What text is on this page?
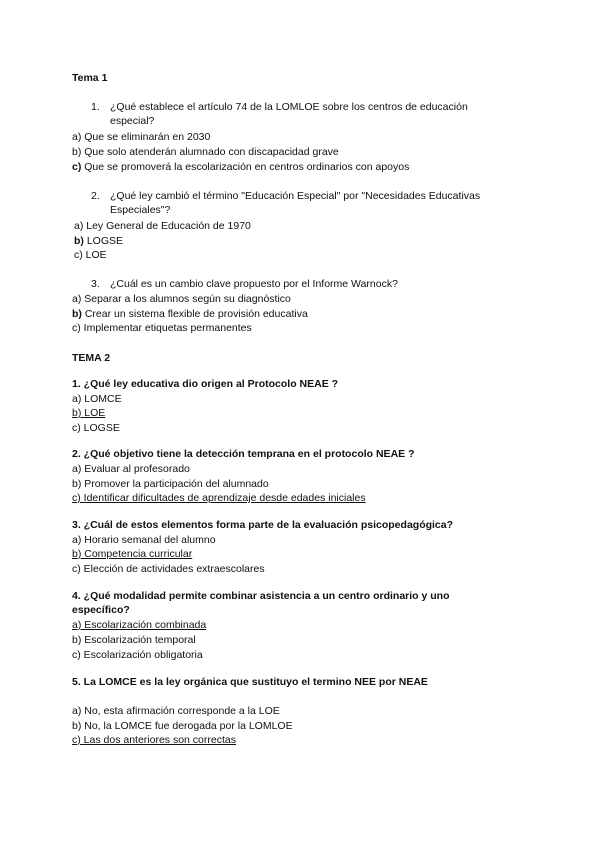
Tema 1
1. ¿Qué establece el artículo 74 de la LOMLOE sobre los centros de educación
especial?
a) Que se eliminarán en 2030
b) Que solo atenderán alumnado con discapacidad grave
c) Que se promoverá la escolarización en centros ordinarios con apoyos
2. ¿Qué ley cambió el término "Educación Especial" por "Necesidades Educativas
Especiales"?
a) Ley General de Educación de 1970
b) LOGSE
c) LOE
3. ¿Cuál es un cambio clave propuesto por el Informe Warnock?
a) Separar a los alumnos según su diagnóstico
b) Crear un sistema flexible de provisión educativa
c) Implementar etiquetas permanentes
TEMA 2
1. ¿Qué ley educativa dio origen al Protocolo NEAE ?
a) LOMCE
b) LOE
c) LOGSE
2. ¿Qué objetivo tiene la detección temprana en el protocolo NEAE ?
a) Evaluar al profesorado
b) Promover la participación del alumnado
c) Identificar dificultades de aprendizaje desde edades iniciales
3. ¿Cuál de estos elementos forma parte de la evaluación psicopedagógica?
a) Horario semanal del alumno
b) Competencia curricular
c) Elección de actividades extraescolares
4. ¿Qué modalidad permite combinar asistencia a un centro ordinario y uno
específico?
a) Escolarización combinada
b) Escolarización temporal
c) Escolarización obligatoria
5. La LOMCE es la ley orgánica que sustituyo el termino NEE por NEAE
a) No, esta afirmación corresponde a la LOE
b) No, la LOMCE fue derogada por la LOMLOE
c) Las dos anteriores son correctas
